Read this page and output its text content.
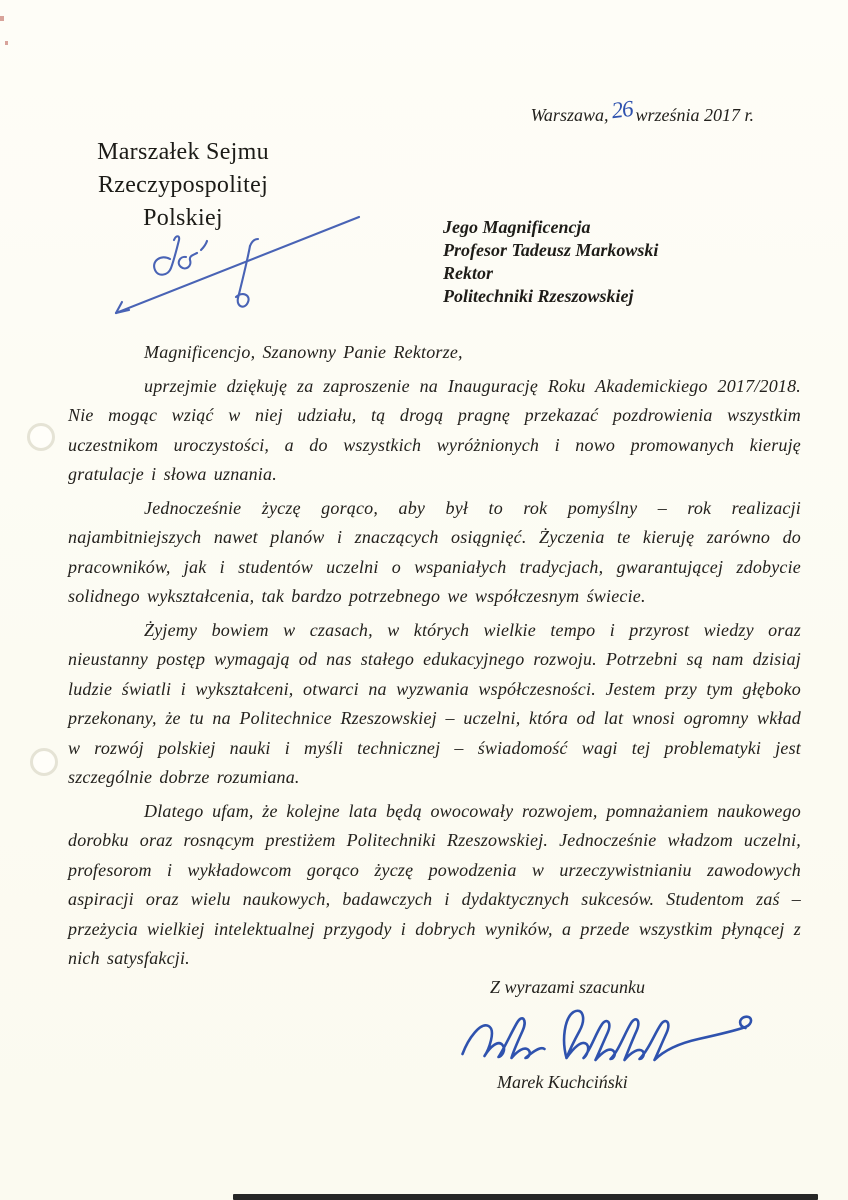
Warszawa,26września 2017 r.
Marszałek Sejmu
Rzeczypospolitej Polskiej	Jego Magnificencja
Profesor Tadeusz Markowski
Rektor
Politechniki Rzeszowskiej

Magnificencjo, Szanowny Panie Rektorze,

uprzejmie dziękuję za zaproszenie na Inaugurację Roku Akademickiego 2017/2018. Nie mogąc wziąć w niej udziału, tą drogą pragnę przekazać pozdrowienia wszystkim uczestnikom uroczystości, a do wszystkich wyróżnionych i nowo promowanych kieruję gratulacje i słowa uznania.

Jednocześnie życzę gorąco, aby był to rok pomyślny – rok realizacji najambitniejszych nawet planów i znaczących osiągnięć. Życzenia te kieruję zarówno do pracowników, jak i studentów uczelni o wspaniałych tradycjach, gwarantującej zdobycie solidnego wykształcenia, tak bardzo potrzebnego we współczesnym świecie.

Żyjemy bowiem w czasach, w których wielkie tempo i przyrost wiedzy oraz nieustanny postęp wymagają od nas stałego edukacyjnego rozwoju. Potrzebni są nam dzisiaj ludzie światli i wykształceni, otwarci na wyzwania współczesności. Jestem przy tym głęboko przekonany, że tu na Politechnice Rzeszowskiej – uczelni, która od lat wnosi ogromny wkład w rozwój polskiej nauki i myśli technicznej – świadomość wagi tej problematyki jest szczególnie dobrze rozumiana.

Dlatego ufam, że kolejne lata będą owocowały rozwojem, pomnażaniem naukowego dorobku oraz rosnącym prestiżem Politechniki Rzeszowskiej. Jednocześnie władzom uczelni, profesorom i wykładowcom gorąco życzę powodzenia w urzeczywistnianiu zawodowych aspiracji oraz wielu naukowych, badawczych i dydaktycznych sukcesów. Studentom zaś – przeżycia wielkiej intelektualnej przygody i dobrych wyników, a przede wszystkim płynącej z nich satysfakcji.

Z wyrazami szacunku
Marek Kuchciński
